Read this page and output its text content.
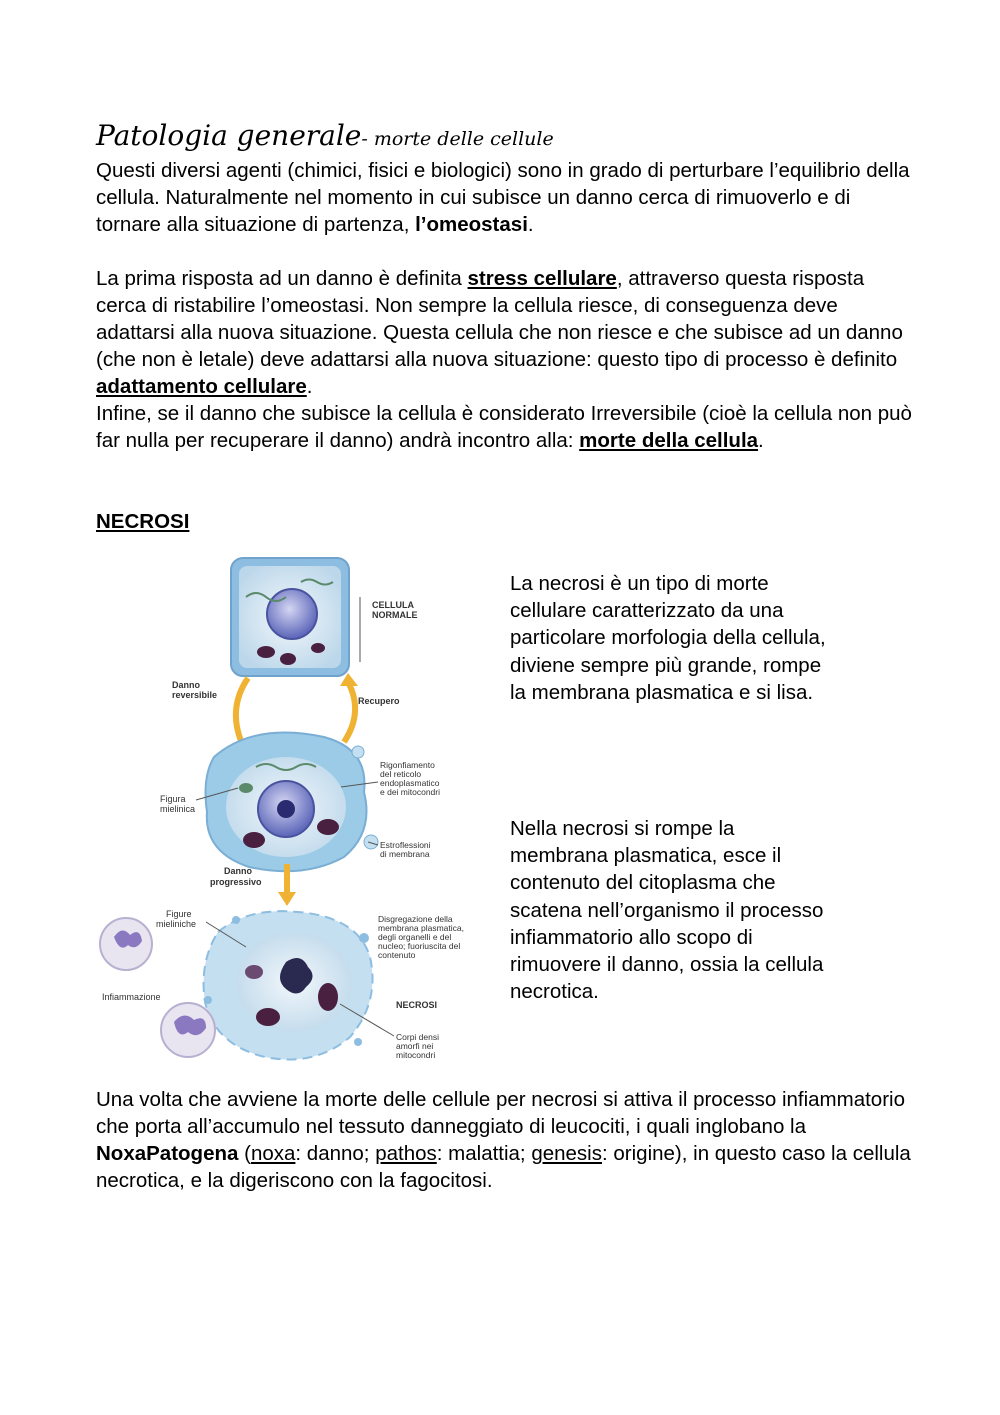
Patologia generale- morte delle cellule

Questi diversi agenti (chimici, fisici e biologici) sono in grado di perturbare l’equilibrio della cellula. Naturalmente nel momento in cui subisce un danno cerca di rimuoverlo e di tornare alla situazione di partenza, l’omeostasi.

La prima risposta ad un danno è definita stress cellulare, attraverso questa risposta cerca di ristabilire l’omeostasi. Non sempre la cellula riesce, di conseguenza deve adattarsi alla nuova situazione. Questa cellula che non riesce e che subisce ad un danno (che non è letale) deve adattarsi alla nuova situazione: questo tipo di processo è definito adattamento cellulare.
Infine, se il danno che subisce la cellula è considerato Irreversibile (cioè la cellula non può far nulla per recuperare il danno) andrà incontro alla: morte della cellula.

NECROSI
CELLULA
NORMALE
Danno
reversibile
Recupero
Rigonfiamento
del reticolo
endoplasmatico
e dei mitocondri
Figura
mielinica
Estroflessioni
di membrana
Danno
progressivo
Figure
mieliniche	Disgregazione della
membrana plasmatica,
degli organelli e del
nucleo; fuoriuscita del
contenuto
Infiammazione
NECROSI
Corpi densi
amorfi nei
mitocondri

La necrosi è un tipo di morte cellulare caratterizzato da una particolare morfologia della cellula, diviene sempre più grande, rompe la membrana plasmatica e si lisa.

Nella necrosi si rompe la membrana plasmatica, esce il contenuto del citoplasma che scatena nell’organismo il processo infiammatorio allo scopo di rimuovere il danno, ossia la cellula necrotica.

Una volta che avviene la morte delle cellule per necrosi si attiva il processo infiammatorio che porta all’accumulo nel tessuto danneggiato di leucociti, i quali inglobano la NoxaPatogena (noxa: danno; pathos: malattia; genesis: origine), in questo caso la cellula necrotica, e la digeriscono con la fagocitosi.
